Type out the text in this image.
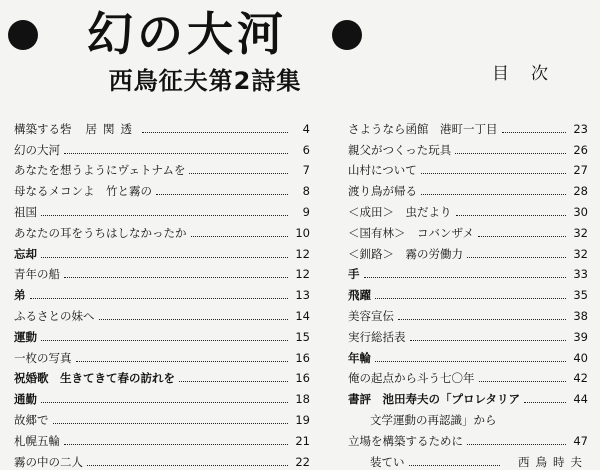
幻の大河
西鳥征夫第2詩集	目次
構築する砦 居関透	4
幻の大河	6
あなたを想うようにヴェトナムを	7
母なるメコンよ　竹と霧の	8
祖国	9
あなたの耳をうちはしなかったか	10
忘却	12
青年の船	12
弟	13
ふるさとの妹へ	14
運動	15
一枚の写真	16
祝婚歌　生きてきて春の訪れを	16
通勤	18
故郷で	19
札幌五輪	21
霧の中の二人	22
さようなら函館　港町一丁目	23
親父がつくった玩具	26
山村について	27
渡り鳥が帰る	28
＜成田＞　虫だより	30
＜国有林＞　コバンザメ	32
＜釧路＞　霧の労働力	32
手	33
飛躍	35
美容宣伝	38
実行総括表	39
年輪	40
俺の起点から斗う七〇年	42
書評　池田寿夫の「プロレタリア	44
文学運動の再認識」から
立場を構築するために	47
装てい	西鳥時夫
